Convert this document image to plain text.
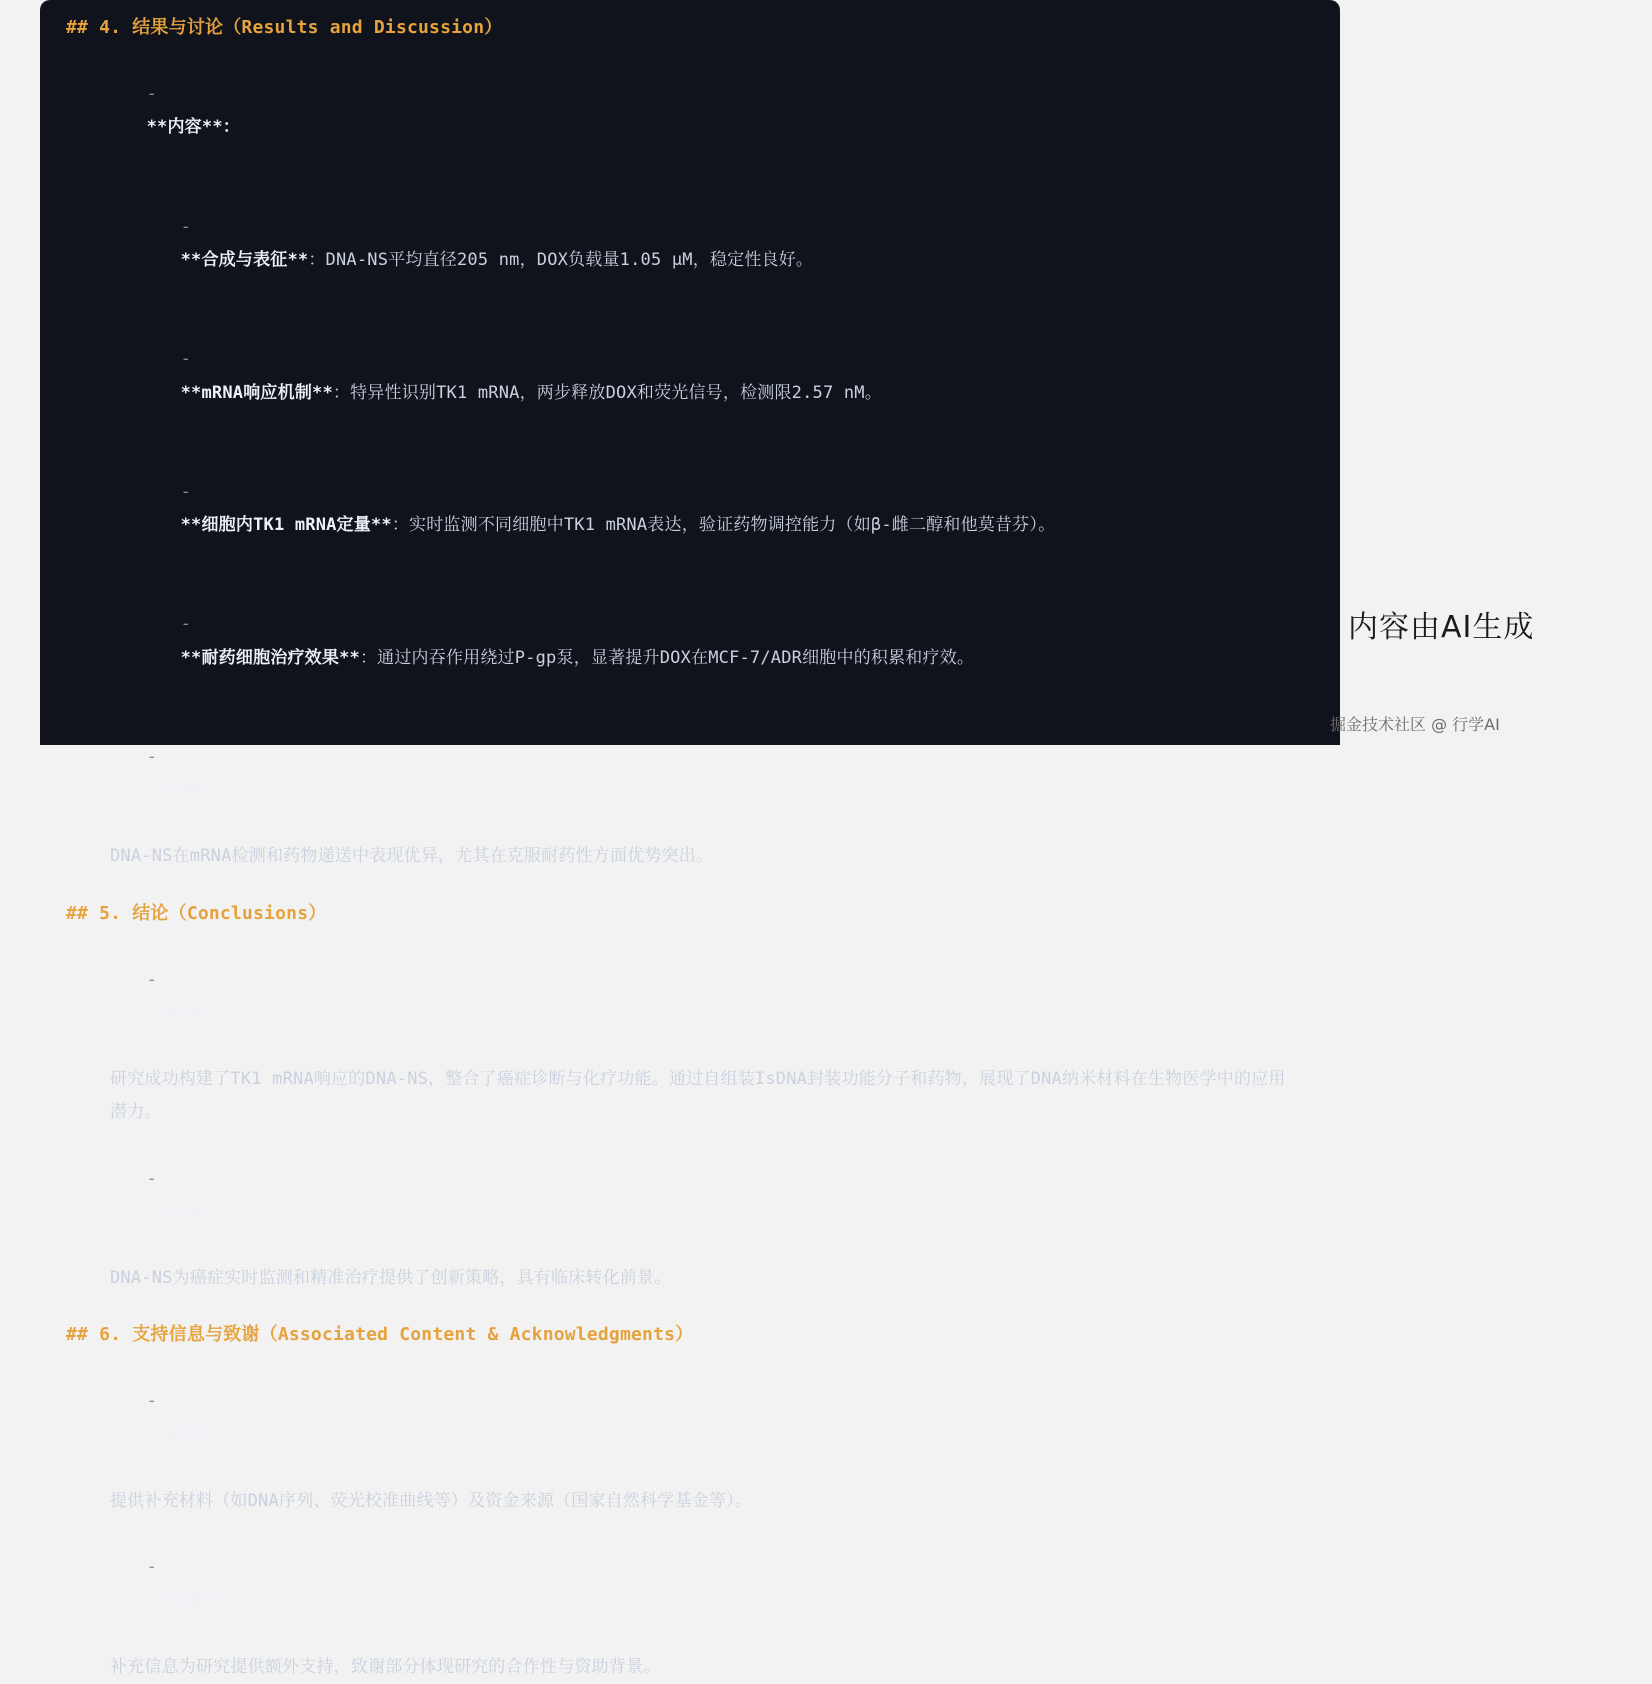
## 4. 结果与讨论（Results and Discussion）

-
**内容**：

-
**合成与表征**：DNA-NS平均直径205 nm，DOX负载量1.05 μM，稳定性良好。

-
**mRNA响应机制**：特异性识别TK1 mRNA，两步释放DOX和荧光信号，检测限2.57 nM。

-
**细胞内TK1 mRNA定量**：实时监测不同细胞中TK1 mRNA表达，验证药物调控能力（如β-雌二醇和他莫昔芬）。

-
**耐药细胞治疗效果**：通过内吞作用绕过P-gp泵，显著提升DOX在MCF-7/ADR细胞中的积累和疗效。

-
**总结**：

DNA-NS在mRNA检测和药物递送中表现优异，尤其在克服耐药性方面优势突出。
## 5. 结论（Conclusions）

-
**内容**：

研究成功构建了TK1 mRNA响应的DNA-NS，整合了癌症诊断与化疗功能。通过自组装IsDNA封装功能分子和药物，展现了DNA纳米材料在生物医学中的应用潜力。

-
**总结**：

DNA-NS为癌症实时监测和精准治疗提供了创新策略，具有临床转化前景。
## 6. 支持信息与致谢（Associated Content & Acknowledgments）

-
**内容**：

提供补充材料（如DNA序列、荧光校准曲线等）及资金来源（国家自然科学基金等）。

-
**总结**：

补充信息为研究提供额外支持，致谢部分体现研究的合作性与资助背景。
内容由AI生成
掘金技术社区 @ 行学AI
